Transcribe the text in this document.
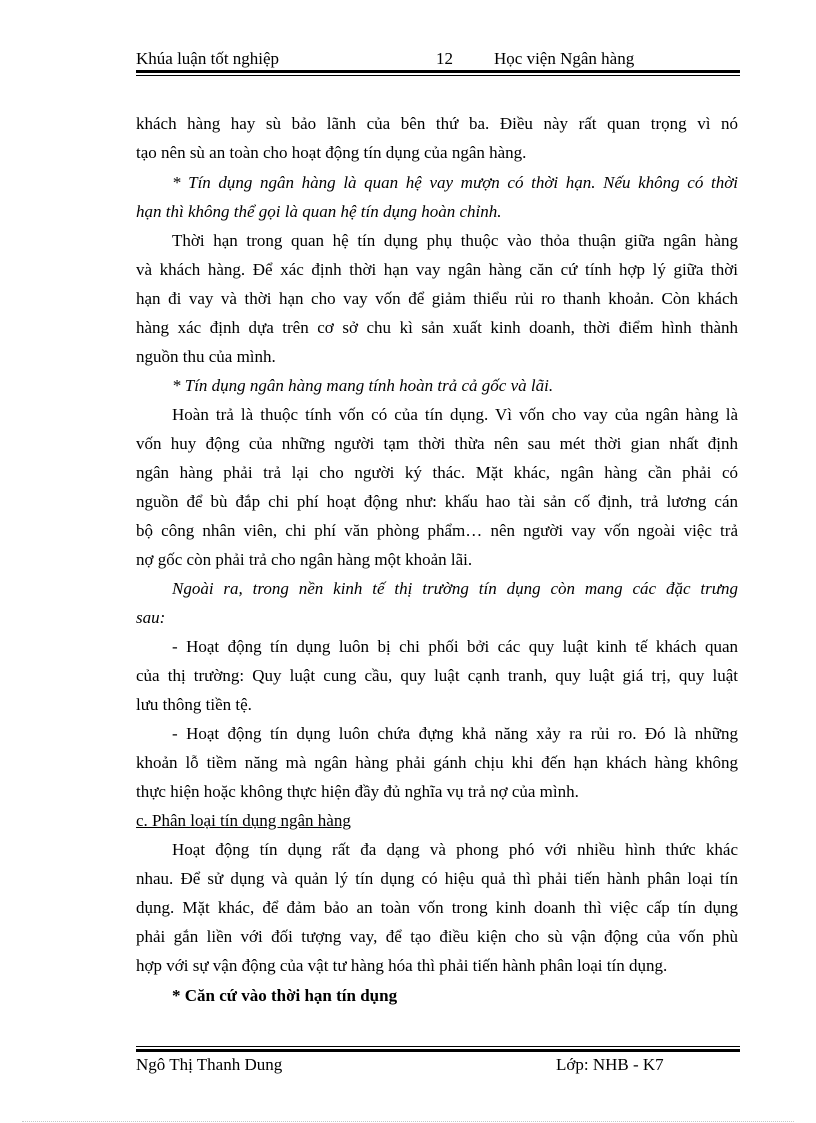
Khúa luận tốt nghiệp	12 Học viện Ngân hàng
khách hàng hay sù bảo lãnh của bên thứ ba. Điều này rất quan trọng vì nó
tạo nên sù an toàn cho hoạt động tín dụng của ngân hàng.
* Tín dụng ngân hàng là quan hệ vay mượn có thời hạn. Nếu không có thời
hạn thì không thể gọi là quan hệ tín dụng hoàn chỉnh.
Thời hạn trong quan hệ tín dụng phụ thuộc vào thỏa thuận giữa ngân hàng
và khách hàng. Để xác định thời hạn vay ngân hàng căn cứ tính hợp lý giữa thời
hạn đi vay và thời hạn cho vay vốn để giảm thiểu rủi ro thanh khoản. Còn khách
hàng xác định dựa trên cơ sở chu kì sản xuất kinh doanh, thời điểm hình thành
nguồn thu của mình.
* Tín dụng ngân hàng mang tính hoàn trả cả gốc và lãi.
Hoàn trả là thuộc tính vốn có của tín dụng. Vì vốn cho vay của ngân hàng là
vốn huy động của những người tạm thời thừa nên sau mét thời gian nhất định
ngân hàng phải trả lại cho người ký thác. Mặt khác, ngân hàng cần phải có
nguồn để bù đắp chi phí hoạt động như: khấu hao tài sản cố định, trả lương cán
bộ công nhân viên, chi phí văn phòng phẩm… nên người vay vốn ngoài việc trả
nợ gốc còn phải trả cho ngân hàng một khoản lãi.
Ngoài ra, trong nền kinh tế thị trường tín dụng còn mang các đặc trưng
sau:
- Hoạt động tín dụng luôn bị chi phối bởi các quy luật kinh tế khách quan
của thị trường: Quy luật cung cầu, quy luật cạnh tranh, quy luật giá trị, quy luật
lưu thông tiền tệ.
- Hoạt động tín dụng luôn chứa đựng khả năng xảy ra rủi ro. Đó là những
khoản lỗ tiềm năng mà ngân hàng phải gánh chịu khi đến hạn khách hàng không
thực hiện hoặc không thực hiện đầy đủ nghĩa vụ trả nợ của mình.
c. Phân loại tín dụng ngân hàng
Hoạt động tín dụng rất đa dạng và phong phó với nhiều hình thức khác
nhau. Để sử dụng và quản lý tín dụng có hiệu quả thì phải tiến hành phân loại tín
dụng. Mặt khác, để đảm bảo an toàn vốn trong kinh doanh thì việc cấp tín dụng
phải gắn liền với đối tượng vay, để tạo điều kiện cho sù vận động của vốn phù
hợp với sự vận động của vật tư hàng hóa thì phải tiến hành phân loại tín dụng.
* Căn cứ vào thời hạn tín dụng
Ngô Thị Thanh Dung	Lớp: NHB - K7
